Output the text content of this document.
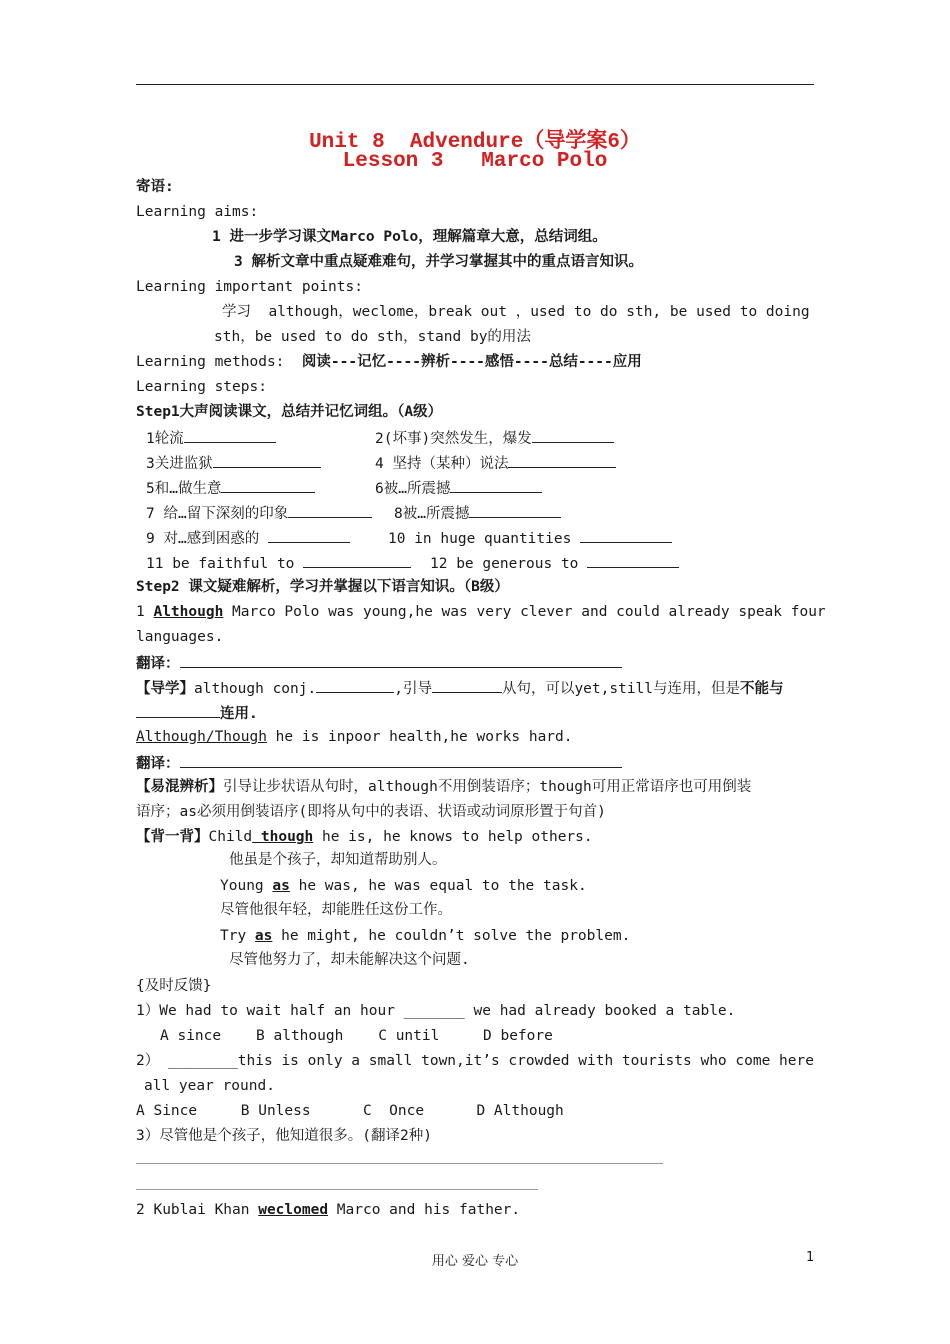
Unit 8  Advendure（导学案6）
Lesson 3   Marco Polo
寄语:
Learning aims:
1 进一步学习课文Marco Polo，理解篇章大意，总结词组。
3 解析文章中重点疑难难句，并学习掌握其中的重点语言知识。
Learning important points:
学习  although，weclome，break out ，used to do sth, be used to doing
sth，be used to do sth，stand by的用法
Learning methods: 阅读---记忆----辨析----感悟----总结----应用
Learning steps:
Step1大声阅读课文，总结并记忆词组。（A级）
1轮流	2(坏事)突然发生，爆发
3关进监狱	4 坚持（某种）说法
5和…做生意	6被…所震撼
7 给…留下深刻的印象	8被…所震撼
9 对…感到困惑的	10 in huge quantities
11 be faithful to	12 be generous to
Step2 课文疑难解析，学习并掌握以下语言知识。（B级）
1 Although Marco Polo was young,he was very clever and could already speak four
languages.
翻译：
【导学】although conj.	,引导	从句，可以yet,still与连用，但是不能与
连用.
Although/Though he is inpoor health,he works hard.
翻译：
【易混辨析】引导让步状语从句时，although不用倒装语序；though可用正常语序也可用倒装
语序；as必须用倒装语序(即将从句中的表语、状语或动词原形置于句首)
【背一背】Child though he is, he knows to help others.
他虽是个孩子，却知道帮助别人。
Young as he was, he was equal to the task.
尽管他很年轻，却能胜任这份工作。
Try as he might, he couldn’t solve the problem.
尽管他努力了，却未能解决这个问题.
{及时反馈}
1）We had to wait half an hour _______ we had already booked a table.
A since    B although    C until     D before
2） ________this is only a small town,it’s crowded with tourists who come here
all year round.
A Since     B Unless      C  Once      D Although
3）尽管他是个孩子，他知道很多。(翻译2种)
2 Kublai Khan weclomed Marco and his father.
用心 爱心 专心	1
